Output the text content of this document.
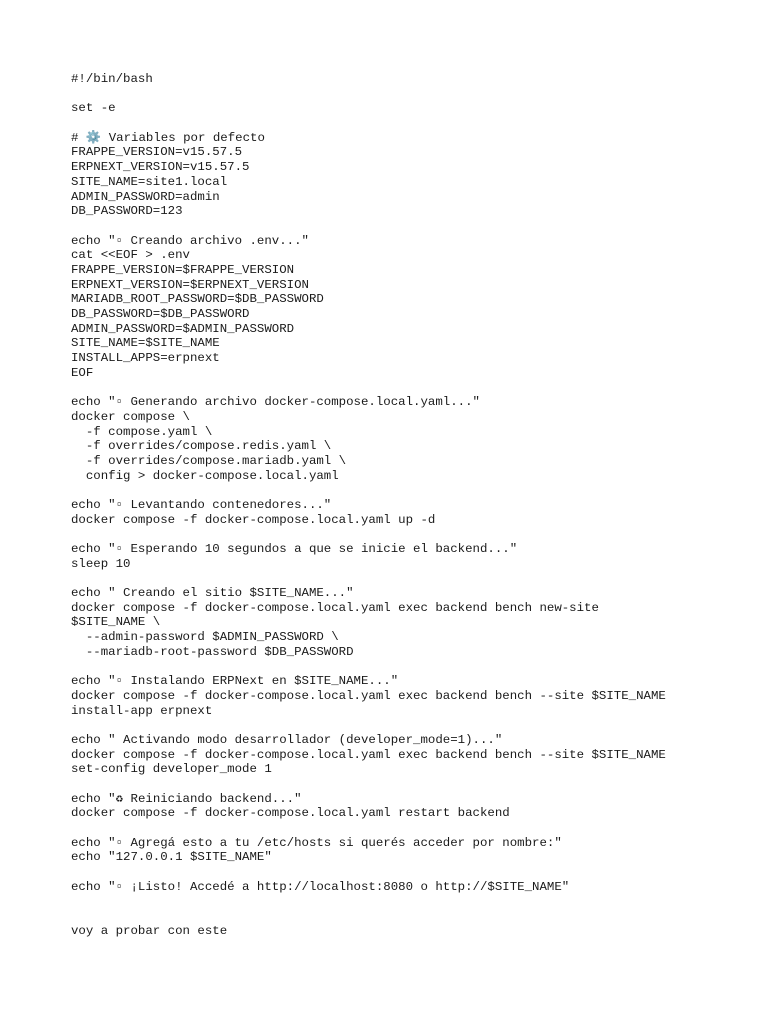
#!/bin/bash
set -e
# ⚙️ Variables por defecto
FRAPPE_VERSION=v15.57.5
ERPNEXT_VERSION=v15.57.5
SITE_NAME=site1.local
ADMIN_PASSWORD=admin
DB_PASSWORD=123
echo "▫ Creando archivo .env..."
cat <<EOF > .env
FRAPPE_VERSION=$FRAPPE_VERSION
ERPNEXT_VERSION=$ERPNEXT_VERSION
MARIADB_ROOT_PASSWORD=$DB_PASSWORD
DB_PASSWORD=$DB_PASSWORD
ADMIN_PASSWORD=$ADMIN_PASSWORD
SITE_NAME=$SITE_NAME
INSTALL_APPS=erpnext
EOF
echo "▫ Generando archivo docker-compose.local.yaml..."
docker compose \
-f compose.yaml \
-f overrides/compose.redis.yaml \
-f overrides/compose.mariadb.yaml \
config > docker-compose.local.yaml
echo "▫ Levantando contenedores..."
docker compose -f docker-compose.local.yaml up -d
echo "▫ Esperando 10 segundos a que se inicie el backend..."
sleep 10
echo " Creando el sitio $SITE_NAME..."
docker compose -f docker-compose.local.yaml exec backend bench new-site
$SITE_NAME \
--admin-password $ADMIN_PASSWORD \
--mariadb-root-password $DB_PASSWORD
echo "▫ Instalando ERPNext en $SITE_NAME..."
docker compose -f docker-compose.local.yaml exec backend bench --site $SITE_NAME
install-app erpnext
echo " Activando modo desarrollador (developer_mode=1)..."
docker compose -f docker-compose.local.yaml exec backend bench --site $SITE_NAME
set-config developer_mode 1
echo "♻ Reiniciando backend..."
docker compose -f docker-compose.local.yaml restart backend
echo "▫ Agregá esto a tu /etc/hosts si querés acceder por nombre:"
echo "127.0.0.1 $SITE_NAME"
echo "▫ ¡Listo! Accedé a http://localhost:8080 o http://$SITE_NAME"
voy a probar con este
